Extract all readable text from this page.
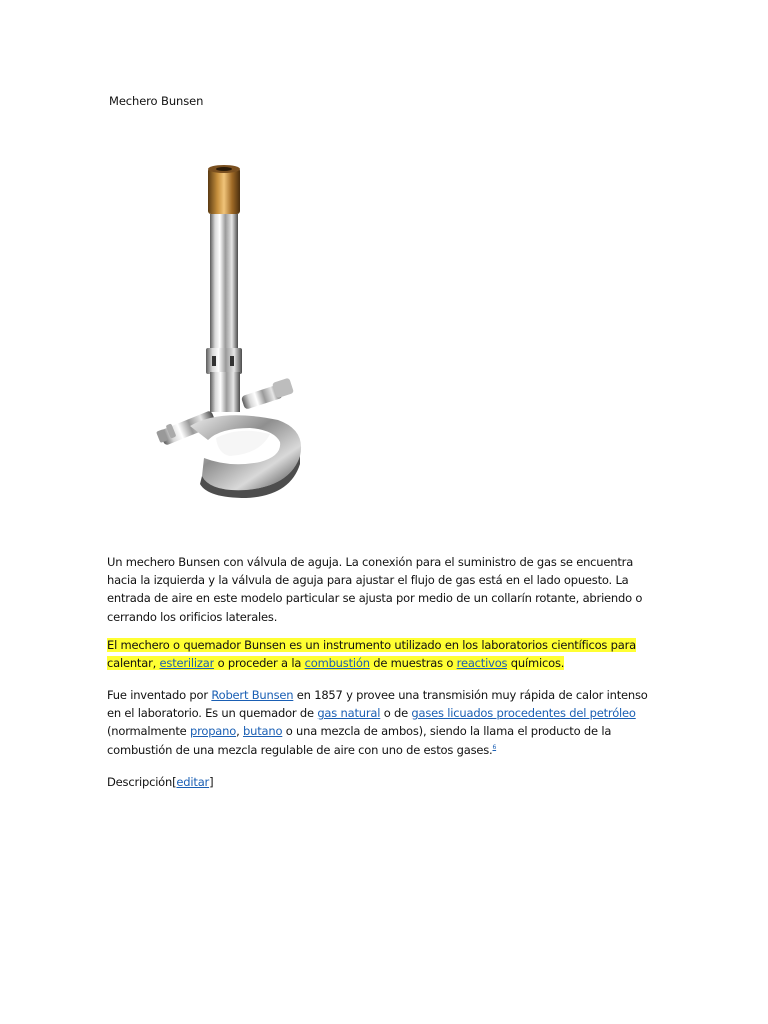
Mechero Bunsen
Un mechero Bunsen con válvula de aguja. La conexión para el suministro de gas se encuentra hacia la izquierda y la válvula de aguja para ajustar el flujo de gas está en el lado opuesto. La entrada de aire en este modelo particular se ajusta por medio de un collarín rotante, abriendo o cerrando los orificios laterales.
El mechero o quemador Bunsen es un instrumento utilizado en los laboratorios científicos para calentar, esterilizar o proceder a la combustión de muestras o reactivos químicos.
Fue inventado por Robert Bunsen en 1857 y provee una transmisión muy rápida de calor intenso en el laboratorio. Es un quemador de gas natural o de gases licuados procedentes del petróleo (normalmente propano, butano o una mezcla de ambos), siendo la llama el producto de la combustión de una mezcla regulable de aire con uno de estos gases.$^6$
Descripción[editar]
